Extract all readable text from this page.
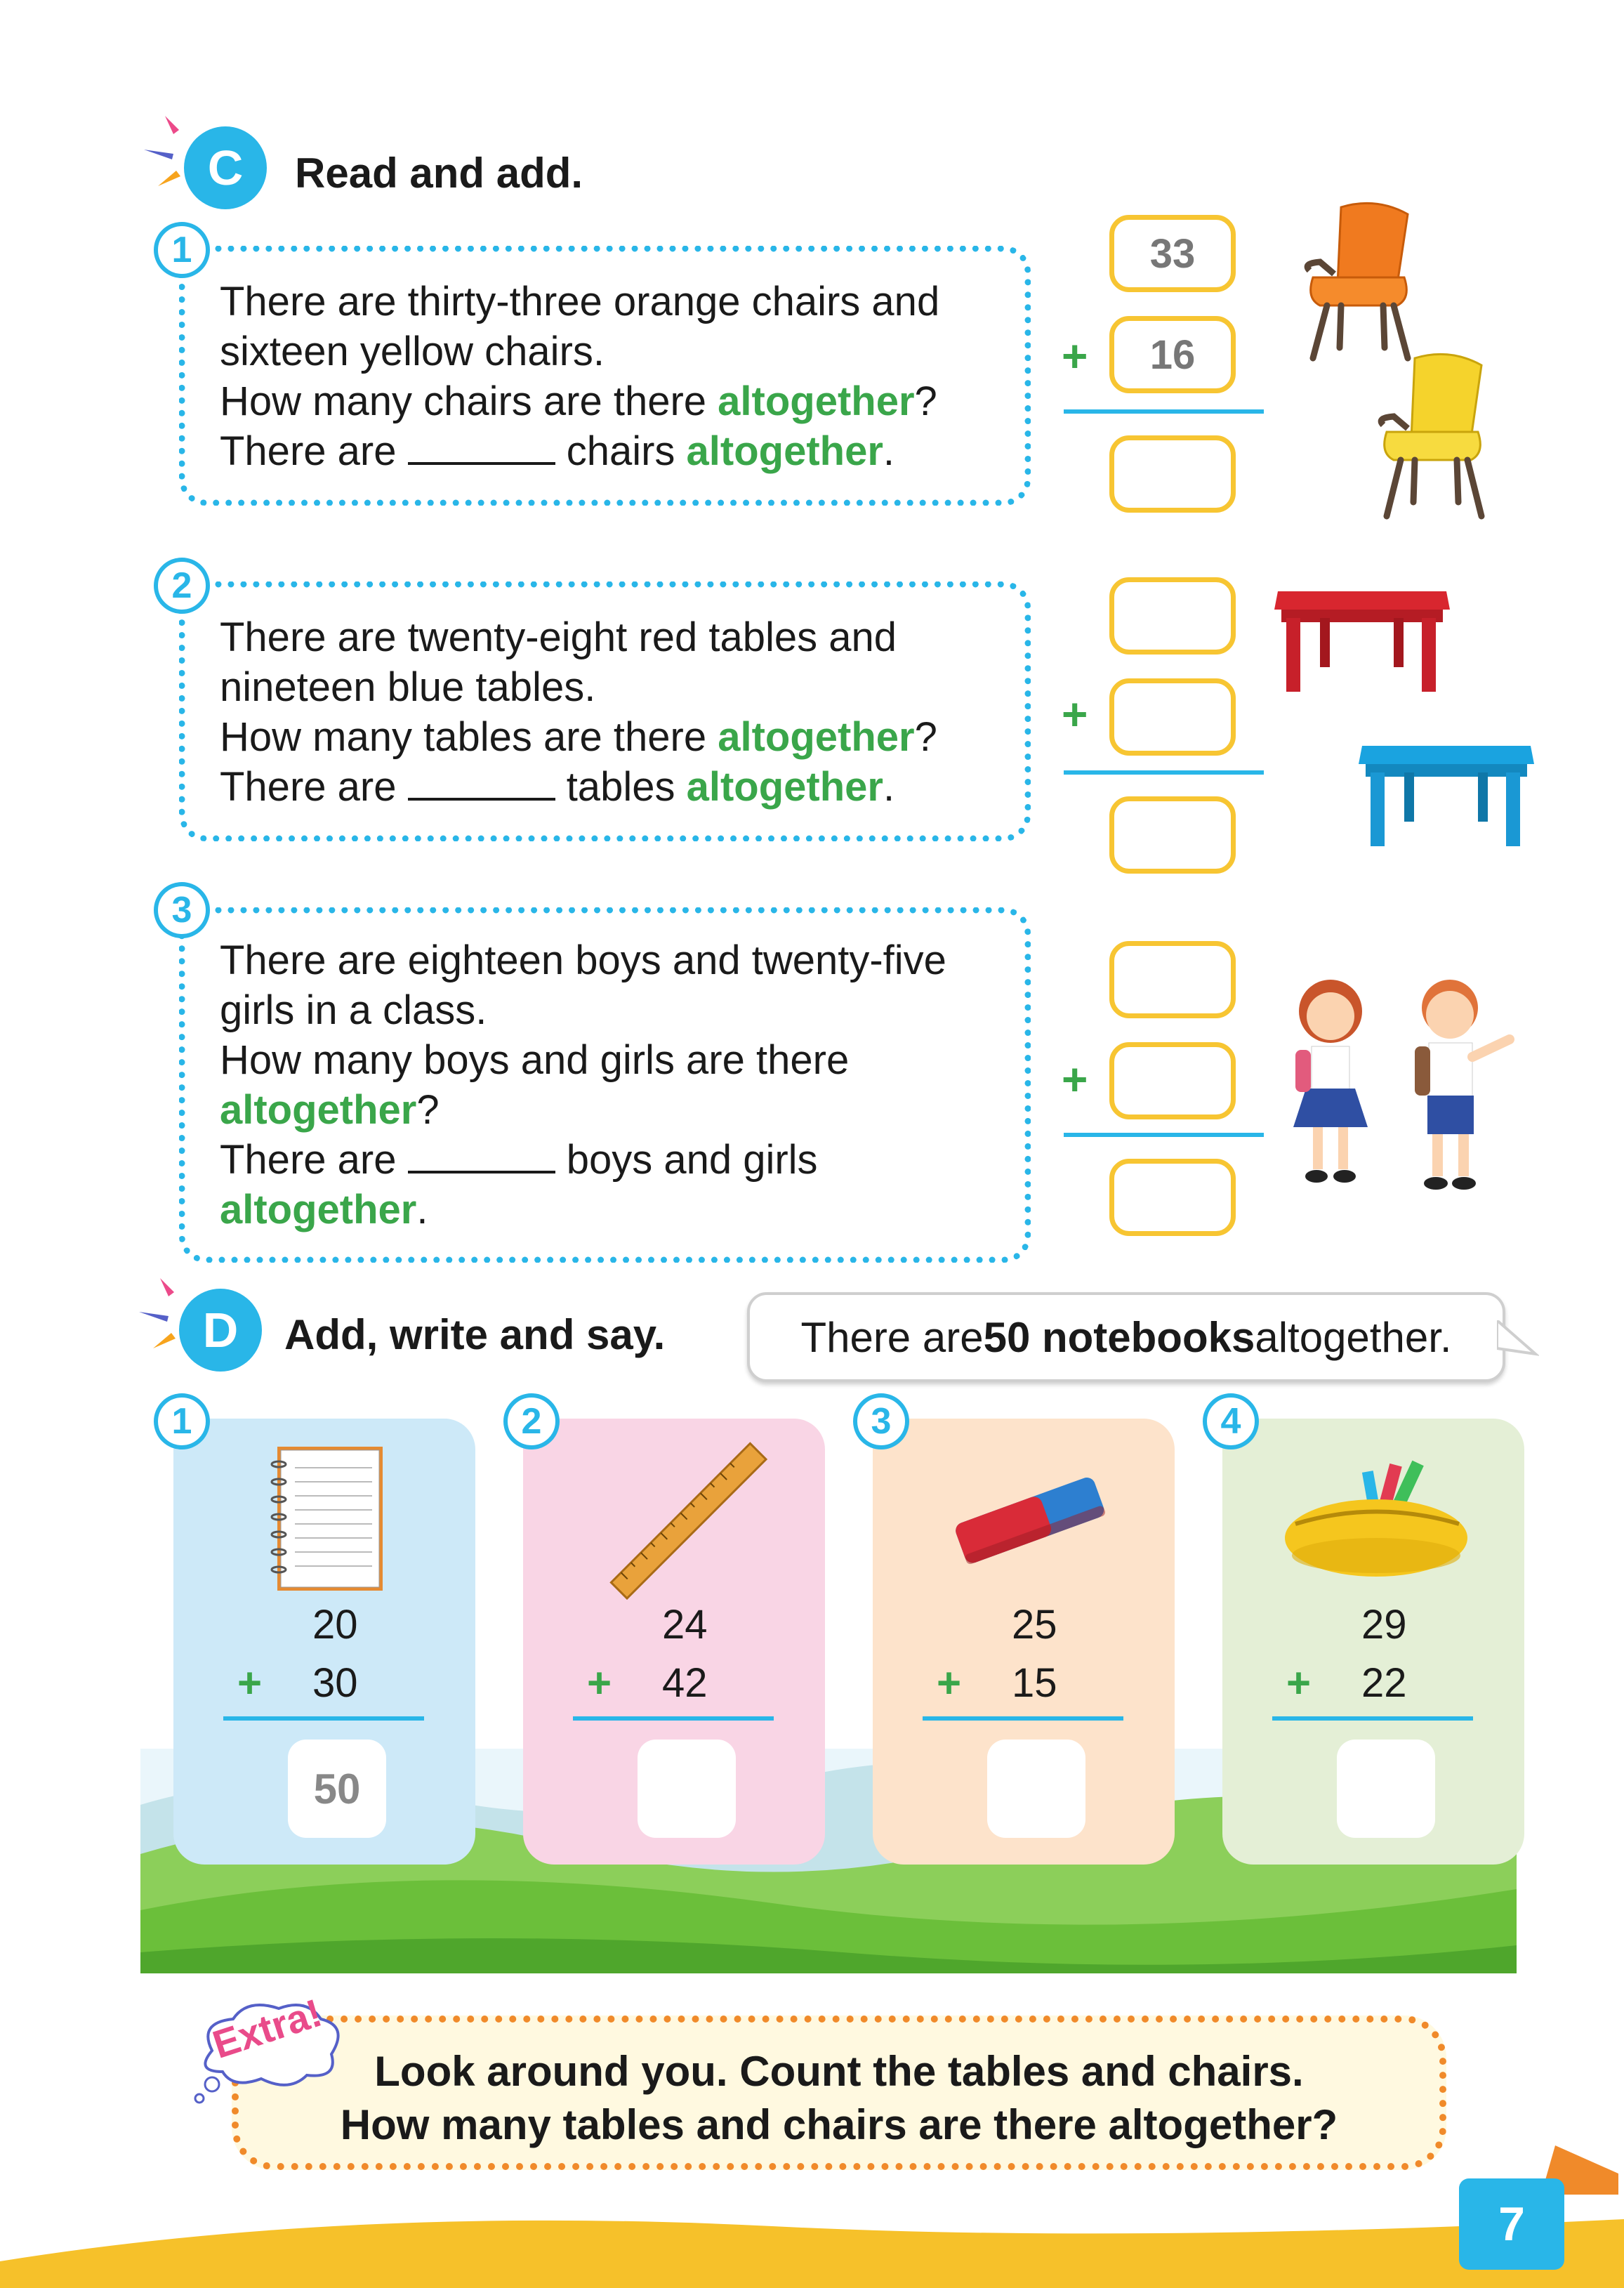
C	Read and add.
1
There are thirty-three orange chairs and
sixteen yellow chairs.
How many chairs are there altogether?
There are	chairs altogether.
33
+	16
2
There are twenty-eight red tables and
nineteen blue tables.
How many tables are there altogether?
There are	tables altogether.
+
3
There are eighteen boys and twenty-five
girls in a class.
How many boys and girls are there
altogether?
There are	boys and girls
altogether.
+
D	Add, write and say.	There are 50 notebooks altogether.
1
20
+ 30
50
2
24
+ 42
3
25
+ 15
4
29
+ 22
Extra!
Look around you. Count the tables and chairs.
How many tables and chairs are there altogether?
7
